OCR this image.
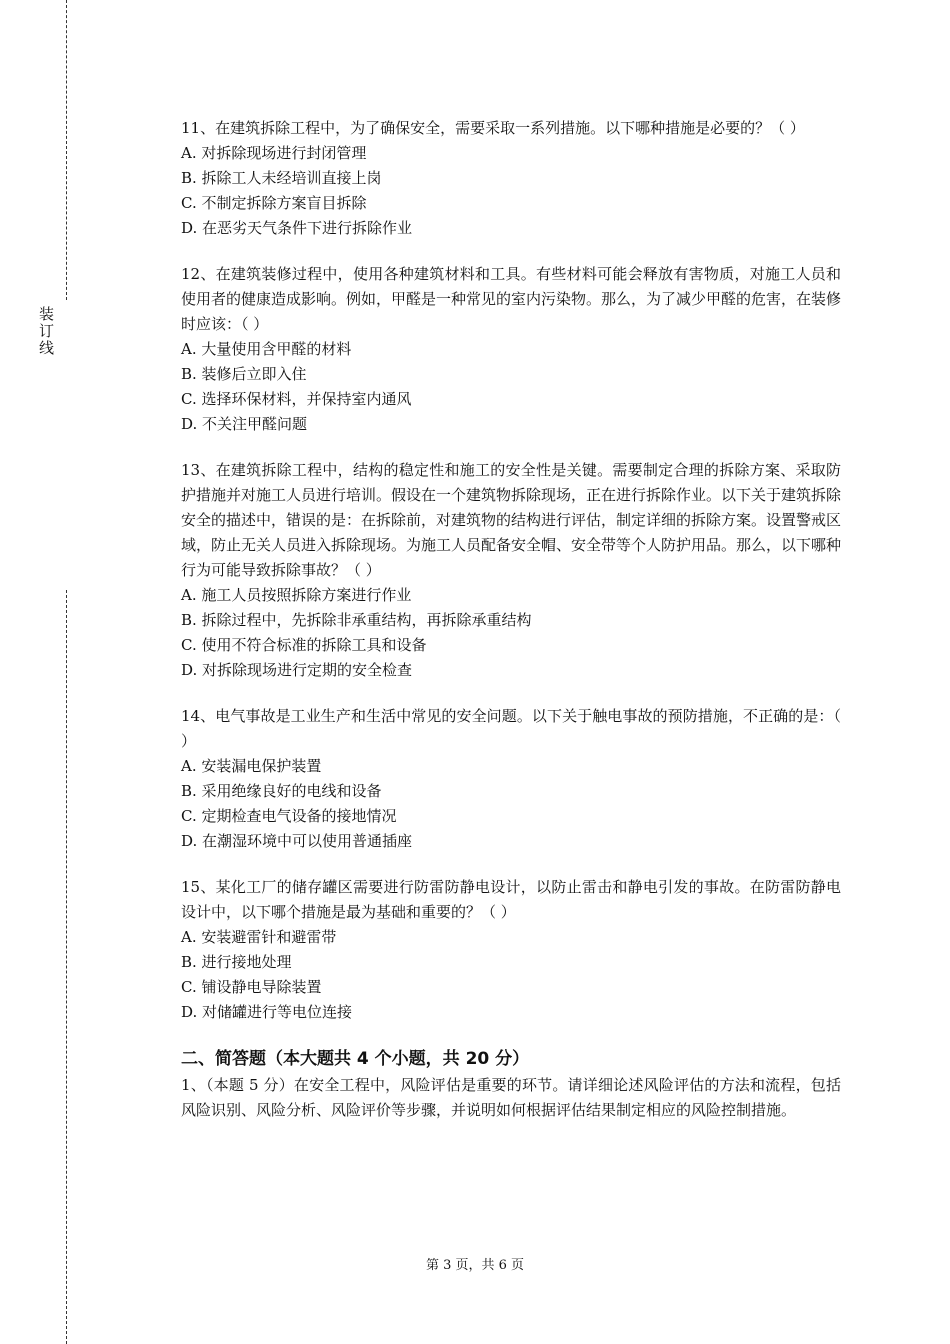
装订线

11、在建筑拆除工程中，为了确保安全，需要采取一系列措施。以下哪种措施是必要的？（ ）

A. 对拆除现场进行封闭管理

B. 拆除工人未经培训直接上岗

C. 不制定拆除方案盲目拆除

D. 在恶劣天气条件下进行拆除作业

12、在建筑装修过程中，使用各种建筑材料和工具。有些材料可能会释放有害物质，对施工人员和使用者的健康造成影响。例如，甲醛是一种常见的室内污染物。那么，为了减少甲醛的危害，在装修时应该：（ ）

A. 大量使用含甲醛的材料

B. 装修后立即入住

C. 选择环保材料，并保持室内通风

D. 不关注甲醛问题

13、在建筑拆除工程中，结构的稳定性和施工的安全性是关键。需要制定合理的拆除方案、采取防护措施并对施工人员进行培训。假设在一个建筑物拆除现场，正在进行拆除作业。以下关于建筑拆除安全的描述中，错误的是：在拆除前，对建筑物的结构进行评估，制定详细的拆除方案。设置警戒区域，防止无关人员进入拆除现场。为施工人员配备安全帽、安全带等个人防护用品。那么，以下哪种行为可能导致拆除事故？（ ）

A. 施工人员按照拆除方案进行作业

B. 拆除过程中，先拆除非承重结构，再拆除承重结构

C. 使用不符合标准的拆除工具和设备

D. 对拆除现场进行定期的安全检查

14、电气事故是工业生产和生活中常见的安全问题。以下关于触电事故的预防措施，不正确的是：（ ）

A. 安装漏电保护装置

B. 采用绝缘良好的电线和设备

C. 定期检查电气设备的接地情况

D. 在潮湿环境中可以使用普通插座

15、某化工厂的储存罐区需要进行防雷防静电设计，以防止雷击和静电引发的事故。在防雷防静电设计中，以下哪个措施是最为基础和重要的？（ ）

A. 安装避雷针和避雷带

B. 进行接地处理

C. 铺设静电导除装置

D. 对储罐进行等电位连接

二、简答题（本大题共 4 个小题，共 20 分）

1、（本题 5 分）在安全工程中，风险评估是重要的环节。请详细论述风险评估的方法和流程，包括风险识别、风险分析、风险评价等步骤，并说明如何根据评估结果制定相应的风险控制措施。

第 3 页，共 6 页
